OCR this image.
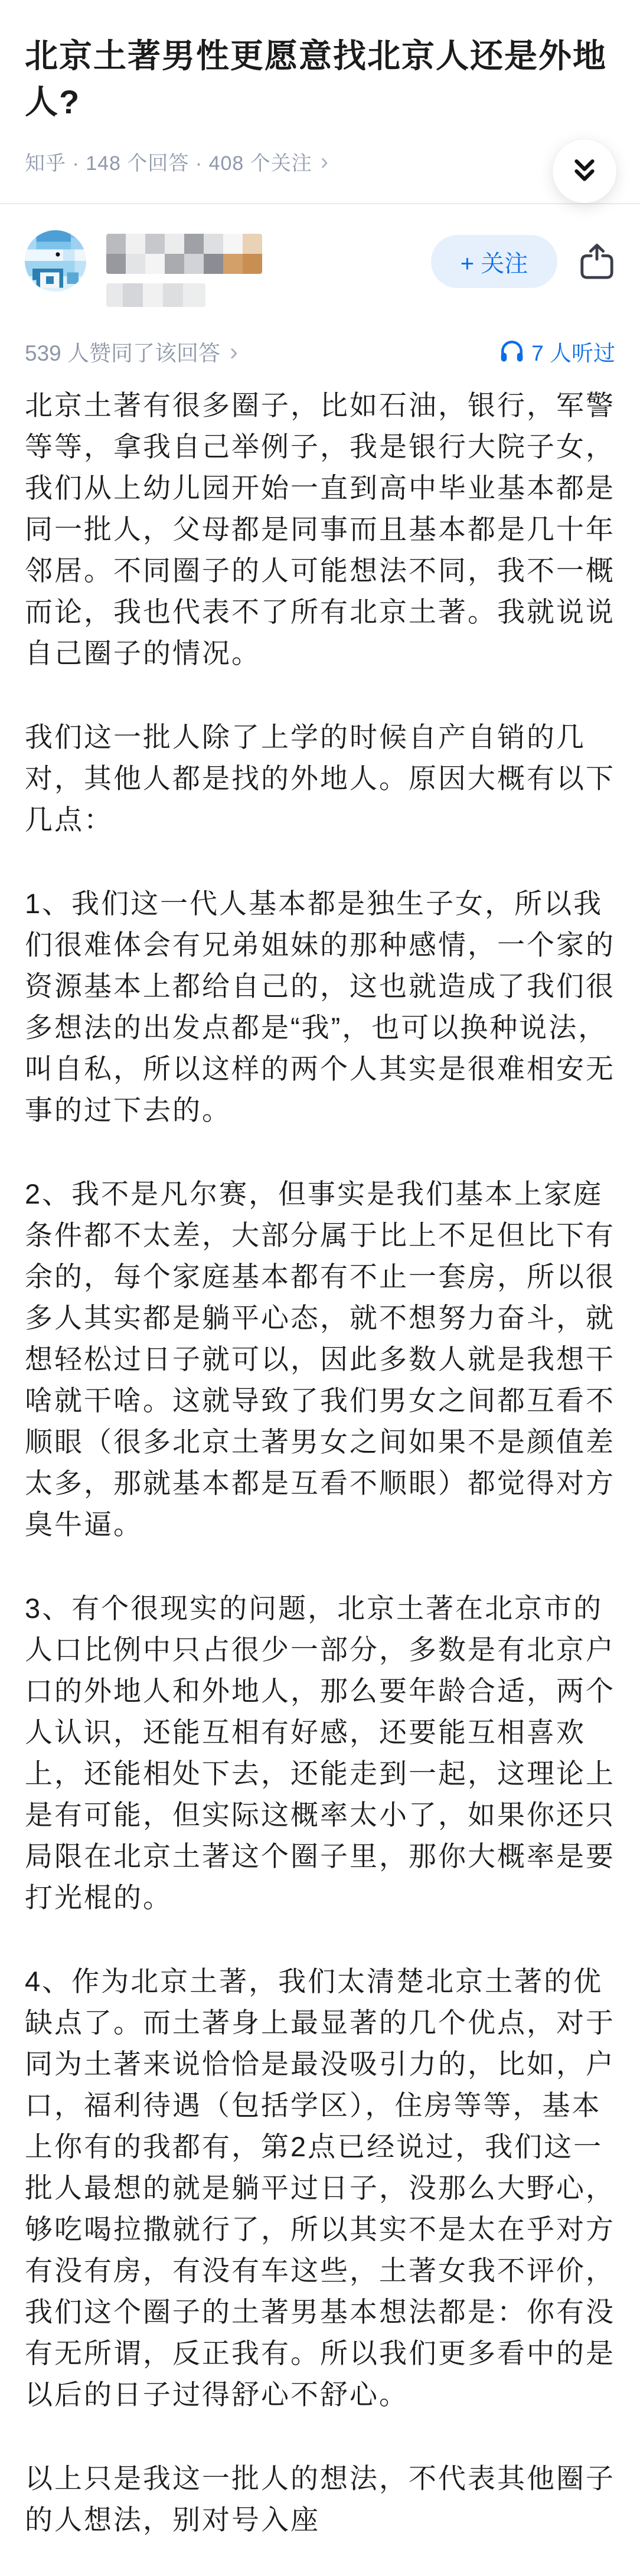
北京土著男性更愿意找北京人还是外地人?
知乎 · 148 个回答 · 408 个关注 ›
+ 关注
539 人赞同了该回答 ›	7 人听过

北京土著有很多圈子，比如石油，银行，军警等等，拿我自己举例子，我是银行大院子女，我们从上幼儿园开始一直到高中毕业基本都是同一批人，父母都是同事而且基本都是几十年邻居。不同圈子的人可能想法不同，我不一概而论，我也代表不了所有北京土著。我就说说自己圈子的情况。

我们这一批人除了上学的时候自产自销的几对，其他人都是找的外地人。原因大概有以下几点：

1、我们这一代人基本都是独生子女，所以我们很难体会有兄弟姐妹的那种感情，一个家的资源基本上都给自己的，这也就造成了我们很多想法的出发点都是“我”，也可以换种说法，叫自私，所以这样的两个人其实是很难相安无事的过下去的。

2、我不是凡尔赛，但事实是我们基本上家庭条件都不太差，大部分属于比上不足但比下有余的，每个家庭基本都有不止一套房，所以很多人其实都是躺平心态，就不想努力奋斗，就想轻松过日子就可以，因此多数人就是我想干啥就干啥。这就导致了我们男女之间都互看不顺眼（很多北京土著男女之间如果不是颜值差太多，那就基本都是互看不顺眼）都觉得对方臭牛逼。

3、有个很现实的问题，北京土著在北京市的人口比例中只占很少一部分，多数是有北京户口的外地人和外地人，那么要年龄合适，两个人认识，还能互相有好感，还要能互相喜欢上，还能相处下去，还能走到一起，这理论上是有可能，但实际这概率太小了，如果你还只局限在北京土著这个圈子里，那你大概率是要打光棍的。

4、作为北京土著，我们太清楚北京土著的优缺点了。而土著身上最显著的几个优点，对于同为土著来说恰恰是最没吸引力的，比如，户口，福利待遇（包括学区），住房等等，基本上你有的我都有，第2点已经说过，我们这一批人最想的就是躺平过日子，没那么大野心，够吃喝拉撒就行了，所以其实不是太在乎对方有没有房，有没有车这些，土著女我不评价，我们这个圈子的土著男基本想法都是：你有没有无所谓，反正我有。所以我们更多看中的是以后的日子过得舒心不舒心。

以上只是我这一批人的想法，不代表其他圈子的人想法，别对号入座
